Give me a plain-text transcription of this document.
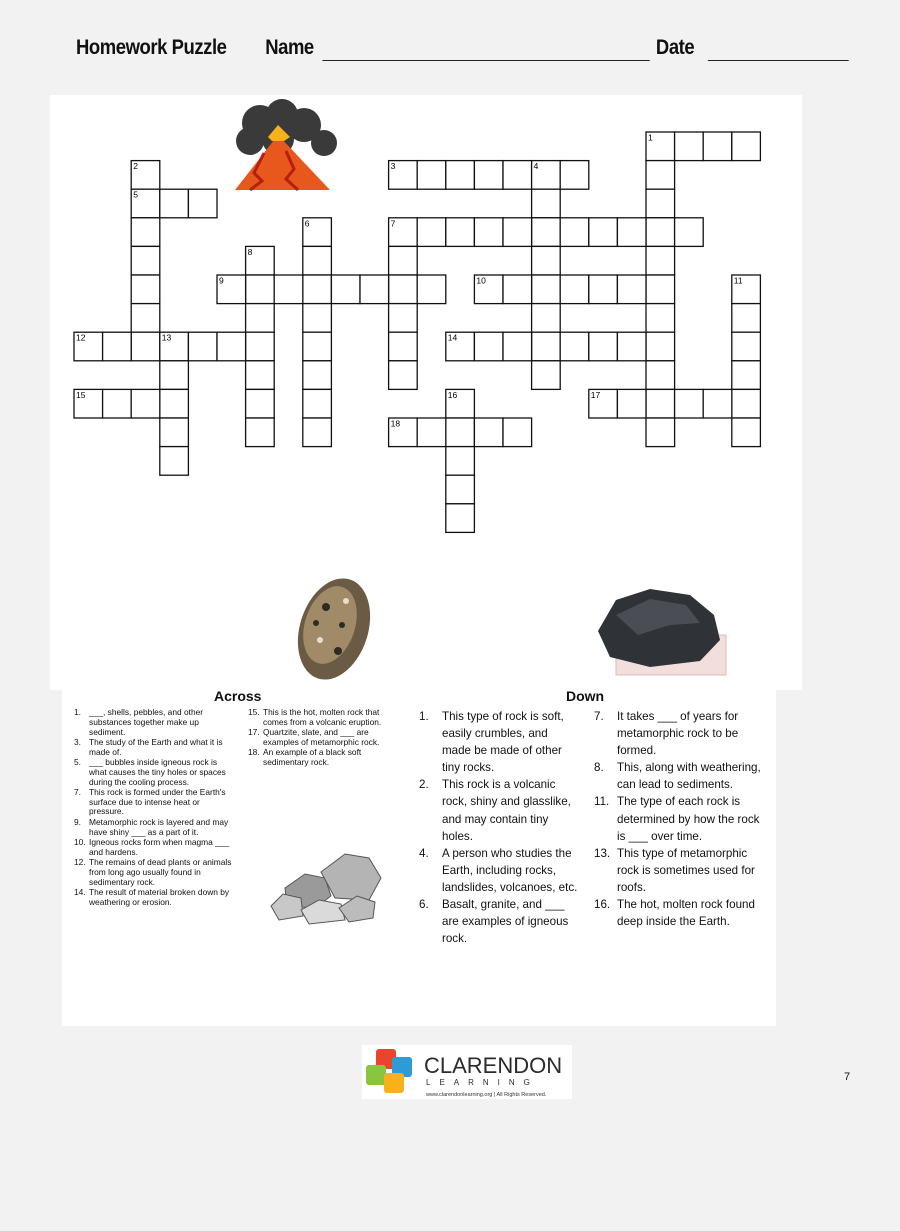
Homework Puzzle Name	Date
1
2
5
3	4
6	7
8
9	10	11
12	13	14
15	16	17
18
Across	Down
1. ___, shells, pebbles, and other substances together make up sediment.
3. The study of the Earth and what it is made of.
5. ___ bubbles inside igneous rock is what causes the tiny holes or spaces during the cooling process.
7. This rock is formed under the Earth's surface due to intense heat or pressure.
9. Metamorphic rock is layered and may have shiny ___ as a part of it.
10. Igneous rocks form when magma ___ and hardens.
12. The remains of dead plants or animals from long ago usually found in sedimentary rock.
14. The result of material broken down by weathering or erosion.
15. This is the hot, molten rock that comes from a volcanic eruption.
17. Quartzite, slate, and ___ are examples of metamorphic rock.
18. An example of a black soft sedimentary rock.
1. This type of rock is soft, easily crumbles, and made be made of other tiny rocks.
2. This rock is a volcanic rock, shiny and glasslike, and may contain tiny holes.
4. A person who studies the Earth, including rocks, landslides, volcanoes, etc.
6. Basalt, granite, and ___ are examples of igneous rock.
7. It takes ___ of years for metamorphic rock to be formed.
8. This, along with weathering, can lead to sediments.
11. The type of each rock is determined by how the rock is ___ over time.
13. This type of metamorphic rock is sometimes used for roofs.
16. The hot, molten rock found deep inside the Earth.
CLARENDON
LEARNING
www.clarendonlearning.org | All Rights Reserved.
7
